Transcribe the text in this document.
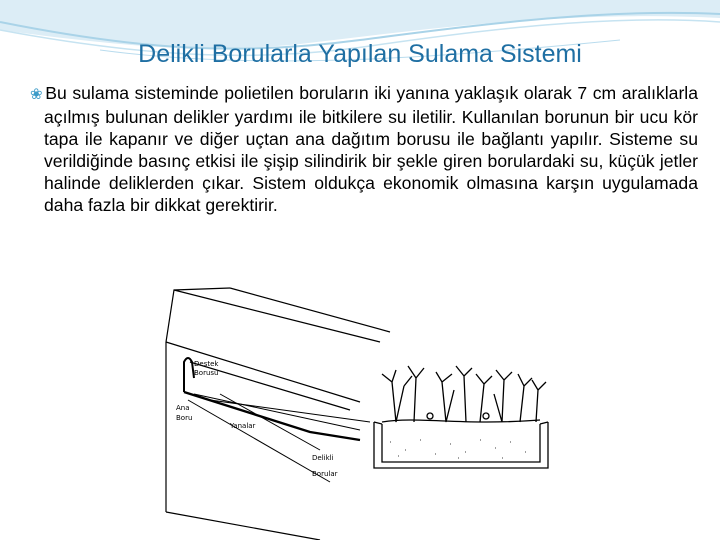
Delikli Borularla Yapılan Sulama Sistemi

❀ Bu sulama sisteminde polietilen boruların iki yanına yaklaşık olarak 7 cm aralıklarla açılmış bulunan delikler yardımı ile bitkilere su iletilir. Kullanılan borunun bir ucu kör tapa ile kapanır ve diğer uçtan ana dağıtım borusu ile bağlantı yapılır. Sisteme su verildiğinde basınç etkisi ile şişip silindirik bir şekle giren borulardaki su, küçük jetler halinde deliklerden çıkar. Sistem oldukça ekonomik olmasına karşın uygulamada daha fazla bir dikkat gerektirir.

Destek
Borusu
Ana
Boru
Yanalar
Delikli
Borular
